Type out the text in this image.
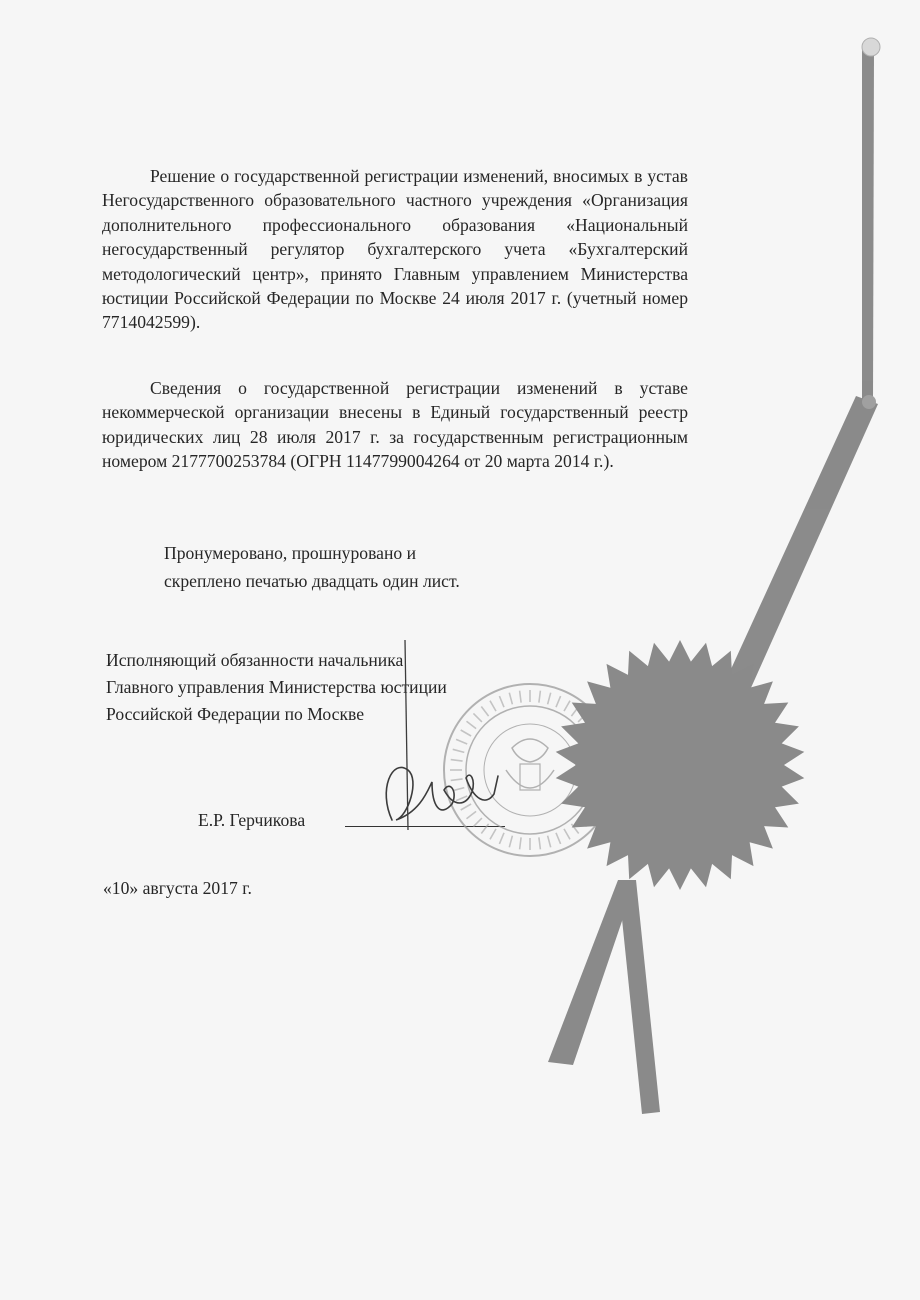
Решение о государственной регистрации изменений, вносимых в устав Негосударственного образовательного частного учреждения «Организация дополнительного профессионального образования «Национальный негосударственный регулятор бухгалтерского учета «Бухгалтерский методологический центр», принято Главным управлением Министерства юстиции Российской Федерации по Москве 24 июля 2017 г. (учетный номер 7714042599).

Сведения о государственной регистрации изменений в уставе некоммерческой организации внесены в Единый государственный реестр юридических лиц 28 июля 2017 г. за государственным регистрационным номером 2177700253784 (ОГРН 1147799004264 от 20 марта 2014 г.).

Пронумеровано, прошнуровано и
скреплено печатью двадцать один лист.
Исполняющий обязанности начальника
Главного управления Министерства юстиции
Российской Федерации по Москве
Е.Р. Герчикова
«10» августа 2017 г.
